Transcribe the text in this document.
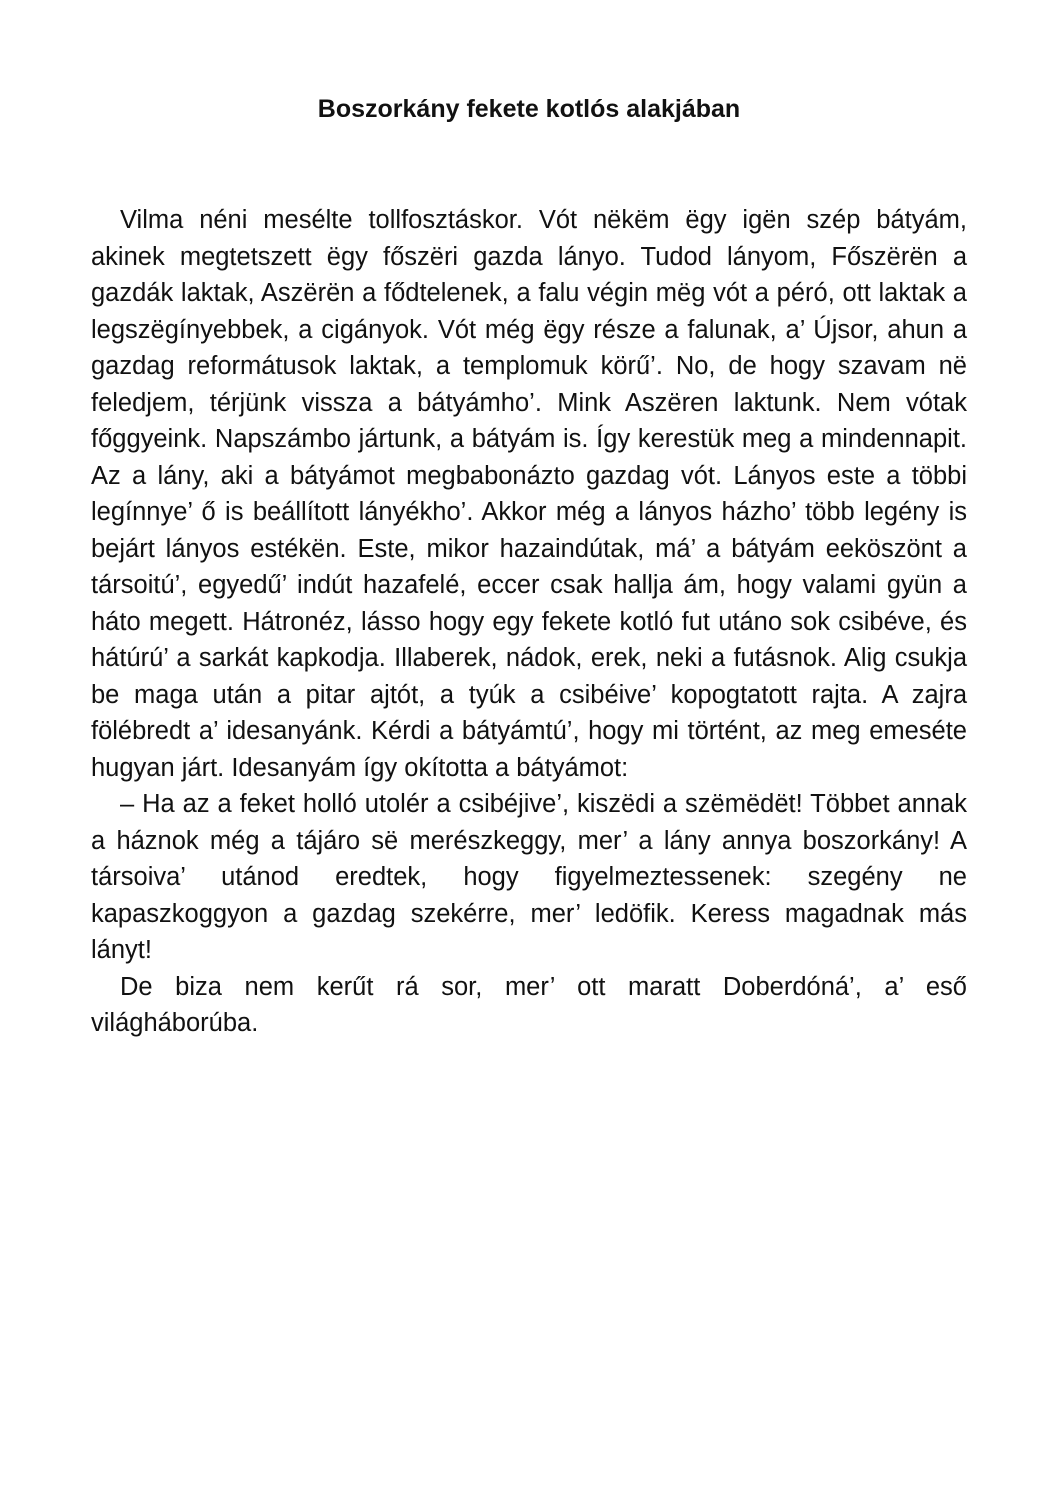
Boszorkány fekete kotlós alakjában

Vilma néni mesélte tollfosztáskor. Vót nëkëm ëgy igën szép bátyám, akinek megtetszett ëgy főszëri gazda lányo. Tudod lányom, Főszërën a gazdák laktak, Aszërën a fődtelenek, a falu végin mëg vót a péró, ott laktak a legszëgínyebbek, a cigányok. Vót még ëgy része a falunak, a’ Újsor, ahun a gazdag reformátusok laktak, a templomuk körű’. No, de hogy szavam në feledjem, térjünk vissza a bátyámho’. Mink Aszëren laktunk. Nem vótak főggyeink. Napszámbo jártunk, a bátyám is. Így kerestük meg a mindennapit. Az a lány, aki a bátyámot megbabonázto gazdag vót. Lányos este a többi legínnye’ ő is beállított lányékho’. Akkor még a lányos házho’ több legény is bejárt lányos estékën. Este, mikor hazaindútak, má’ a bátyám eeköszönt a társoitú’, egyedű’ indút hazafelé, eccer csak hallja ám, hogy valami gyün a háto megett. Hátronéz, lásso hogy egy fekete kotló fut utáno sok csibéve, és hátúrú’ a sarkát kapkodja. Illaberek, nádok, erek, neki a futásnok. Alig csukja be maga után a pitar ajtót, a tyúk a csibéive’ kopogtatott rajta. A zajra fölébredt a’ idesanyánk. Kérdi a bátyámtú’, hogy mi történt, az meg emeséte hugyan járt. Idesanyám így okította a bátyámot:

– Ha az a feket holló utolér a csibéjive’, kiszëdi a szëmëdët! Többet annak a háznok még a tájáro së merészkeggy, mer’ a lány annya boszorkány! A társoiva’ utánod eredtek, hogy figyelmeztessenek: szegény ne kapaszkoggyon a gazdag szekérre, mer’ ledöfik. Keress magadnak más lányt!

De biza nem kerűt rá sor, mer’ ott maratt Doberdóná’, a’ eső világháborúba.
